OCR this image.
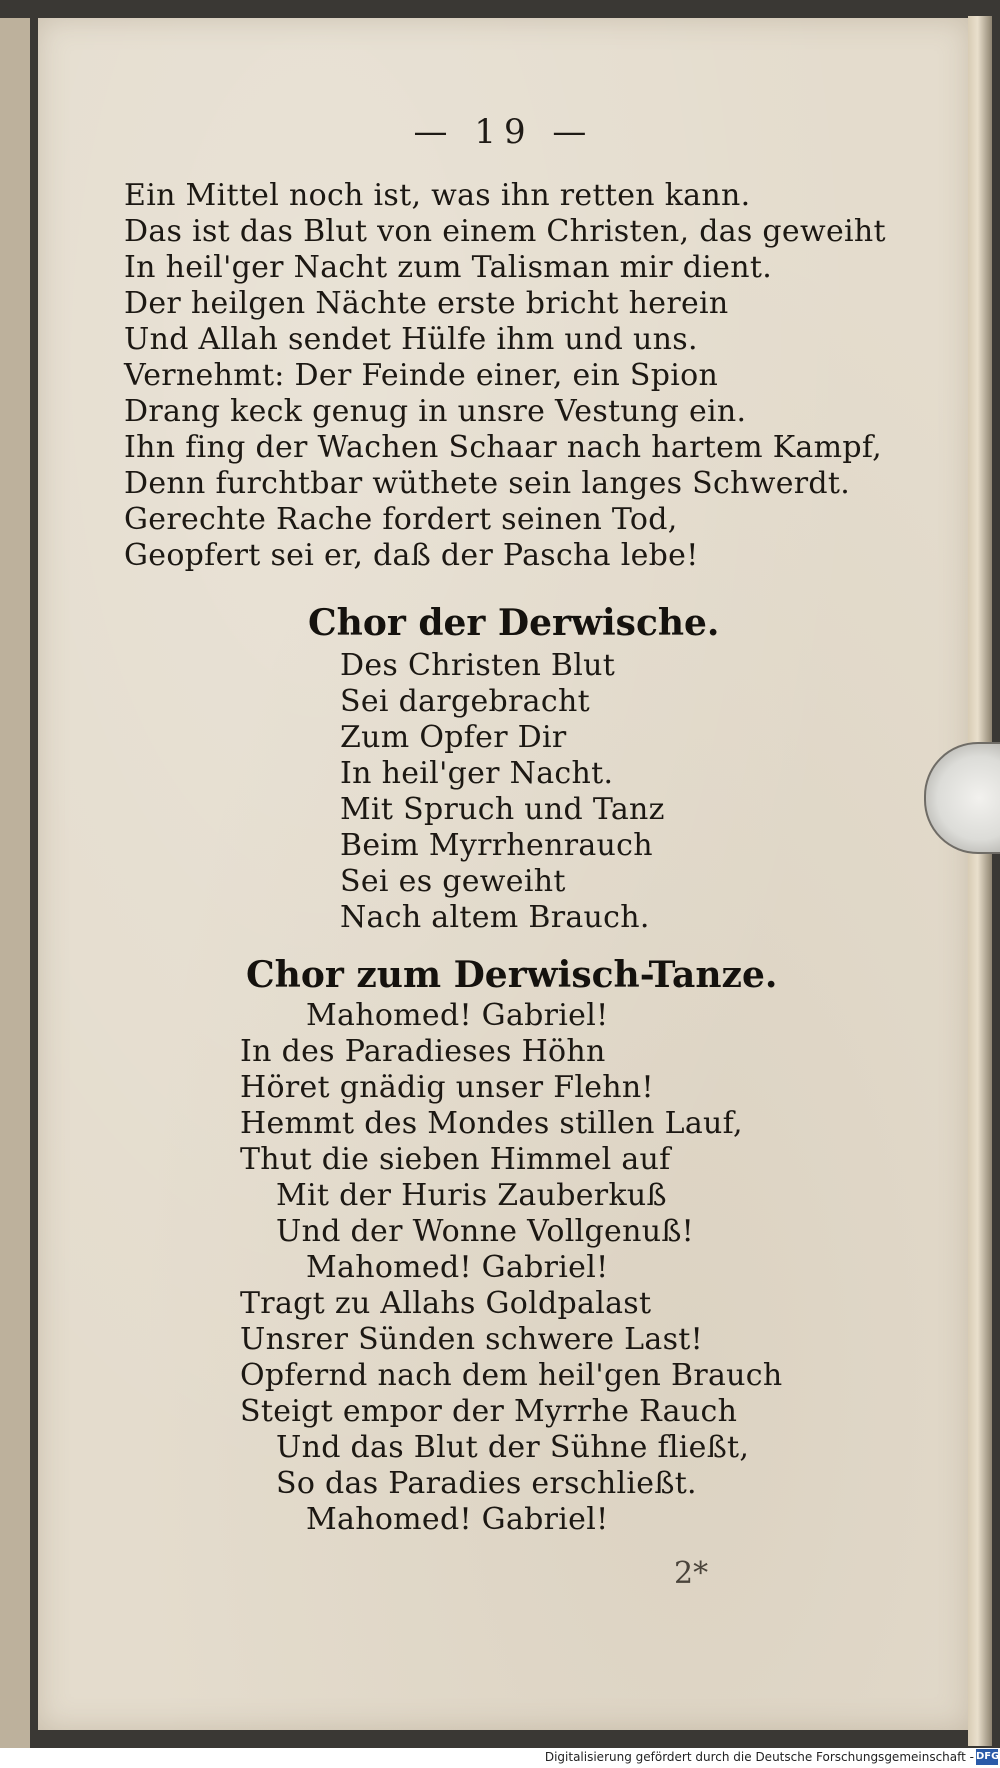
— 19 —
Ein Mittel noch ist, was ihn retten kann.
Das ist das Blut von einem Christen, das geweiht
In heil'ger Nacht zum Talisman mir dient.
Der heilgen Nächte erste bricht herein
Und Allah sendet Hülfe ihm und uns.
Vernehmt: Der Feinde einer, ein Spion
Drang keck genug in unsre Vestung ein.
Ihn fing der Wachen Schaar nach hartem Kampf,
Denn furchtbar wüthete sein langes Schwerdt.
Gerechte Rache fordert seinen Tod,
Geopfert sei er, daß der Pascha lebe!
Chor der Derwische.
Des Christen Blut
Sei dargebracht
Zum Opfer Dir
In heil'ger Nacht.
Mit Spruch und Tanz
Beim Myrrhenrauch
Sei es geweiht
Nach altem Brauch.
Chor zum Derwisch-Tanze.
Mahomed! Gabriel!
In des Paradieses Höhn
Höret gnädig unser Flehn!
Hemmt des Mondes stillen Lauf,
Thut die sieben Himmel auf
Mit der Huris Zauberkuß
Und der Wonne Vollgenuß!
Mahomed! Gabriel!
Tragt zu Allahs Goldpalast
Unsrer Sünden schwere Last!
Opfernd nach dem heil'gen Brauch
Steigt empor der Myrrhe Rauch
Und das Blut der Sühne fließt,
So das Paradies erschließt.
Mahomed! Gabriel!
2*
Digitalisierung gefördert durch die Deutsche Forschungsgemeinschaft - DFG
